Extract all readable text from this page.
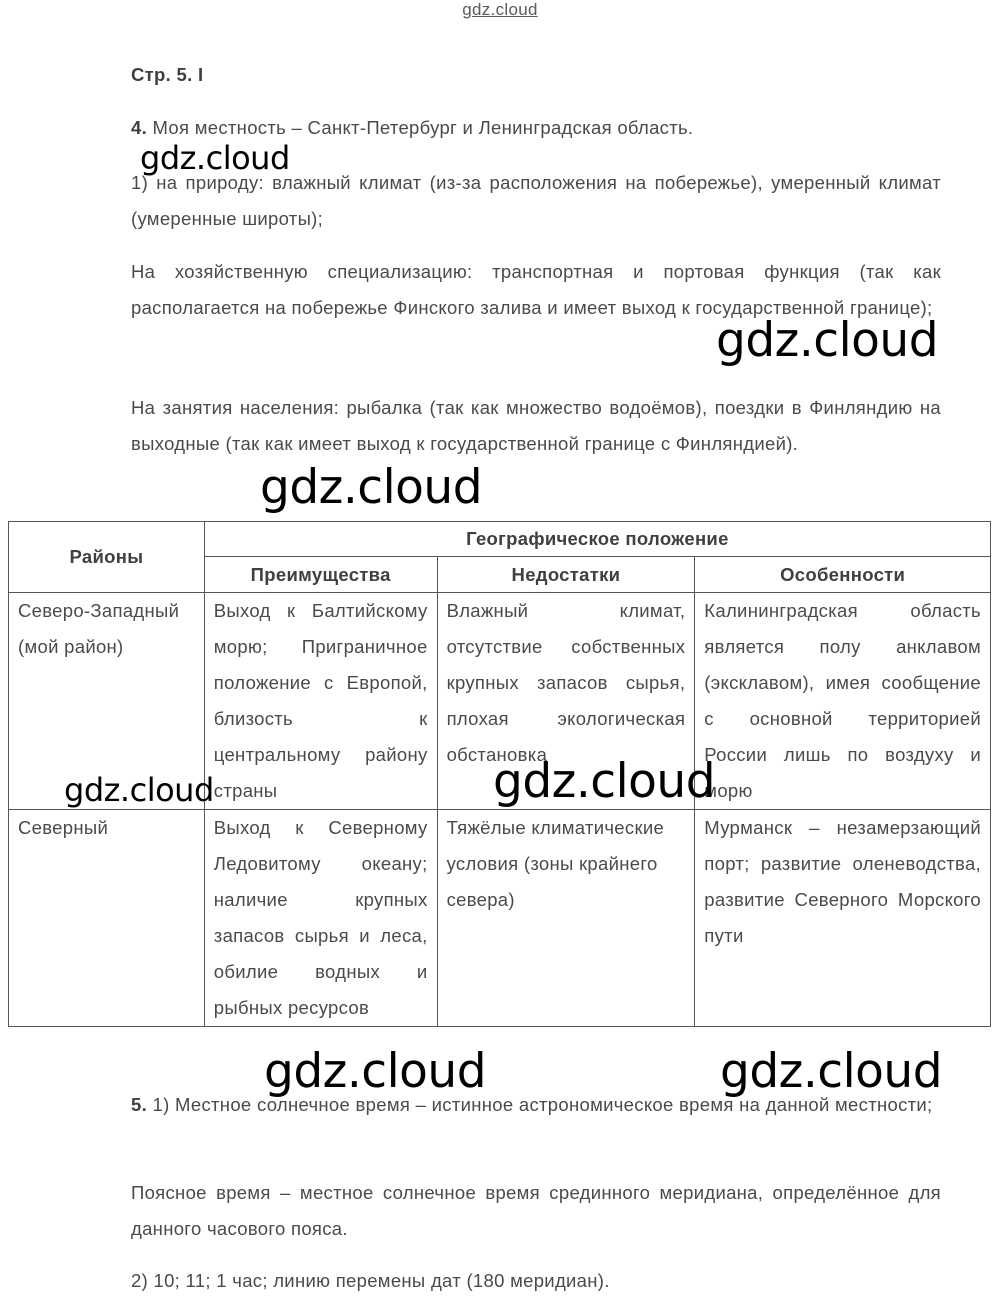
gdz.cloud
Стр. 5. I
4. Моя местность – Санкт-Петербург и Ленинградская область.
1) на природу: влажный климат (из-за расположения на побережье), умеренный климат (умеренные широты);
На хозяйственную специализацию: транспортная и портовая функция (так как располагается на побережье Финского залива и имеет выход к государственной границе);
На занятия населения: рыбалка (так как множество водоёмов), поездки в Финляндию на выходные (так как имеет выход к государственной границе с Финляндией).
Районы	Географическое положение		
	Преимущества	Недостатки	Особенности

Северо-Западный (мой район)	Выход к Балтийскому морю; Приграничное положение с Европой, близость к центральному району страны	Влажный климат, отсутствие собственных крупных запасов сырья, плохая экологическая обстановка	Калининградская область является полу анклавом (эксклавом), имея сообщение с основной территорией России лишь по воздуху и морю

Северный	Выход к Северному Ледовитому океану; наличие крупных запасов сырья и леса, обилие водных и рыбных ресурсов	Тяжёлые климатические условия (зоны крайнего севера)	Мурманск – незамерзающий порт; развитие оленеводства, развитие Северного Морского пути
5. 1) Местное солнечное время – истинное астрономическое время на данной местности;
Поясное время – местное солнечное время срединного меридиана, определённое для данного часового пояса.
2) 10; 11; 1 час; линию перемены дат (180 меридиан).
gdz.cloud
gdz.cloud
gdz.cloud
gdz.cloud	gdz.cloud
gdz.cloud	gdz.cloud
